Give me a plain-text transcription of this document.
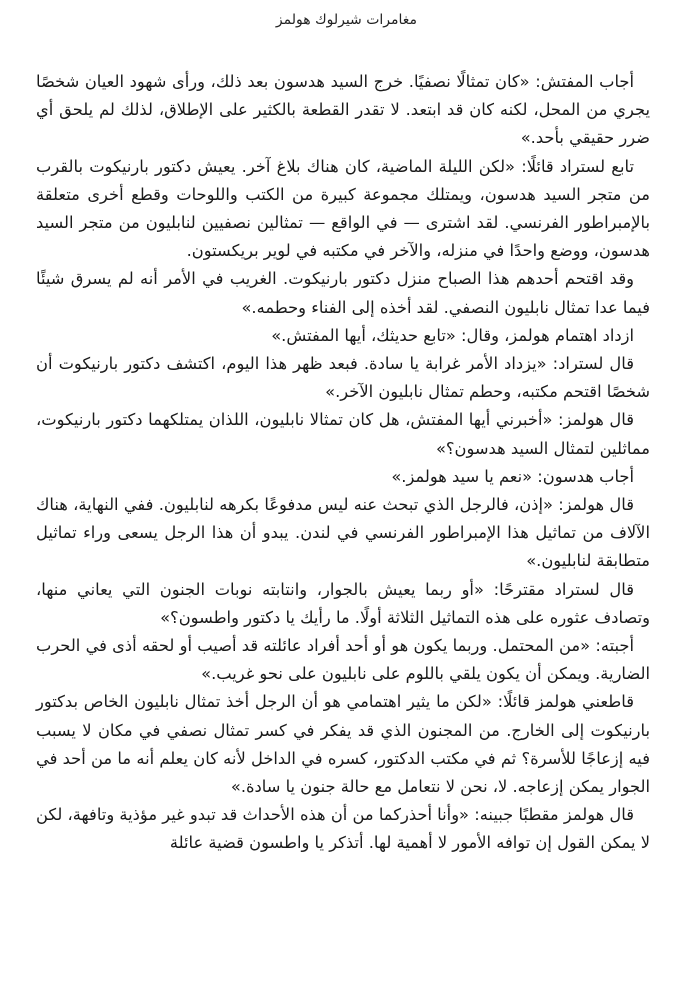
مغامرات شيرلوك هولمز

أجاب المفتش: «كان تمثالًا نصفيًا. خرج السيد هدسون بعد ذلك، ورأى شهود العيان شخصًا يجري من المحل، لكنه كان قد ابتعد. لا تقدر القطعة بالكثير على الإطلاق، لذلك لم يلحق أي ضرر حقيقي بأحد.»

تابع لستراد قائلًا: «لكن الليلة الماضية، كان هناك بلاغ آخر. يعيش دكتور بارنيكوت بالقرب من متجر السيد هدسون، ويمتلك مجموعة كبيرة من الكتب واللوحات وقطع أخرى متعلقة بالإمبراطور الفرنسي. لقد اشترى — في الواقع — تمثالين نصفيين لنابليون من متجر السيد هدسون، ووضع واحدًا في منزله، والآخر في مكتبه في لوير بريكستون.

وقد اقتحم أحدهم هذا الصباح منزل دكتور بارنيكوت. الغريب في الأمر أنه لم يسرق شيئًا فيما عدا تمثال نابليون النصفي. لقد أخذه إلى الفناء وحطمه.»

ازداد اهتمام هولمز، وقال: «تابع حديثك، أيها المفتش.»

قال لستراد: «يزداد الأمر غرابة يا سادة. فبعد ظهر هذا اليوم، اكتشف دكتور بارنيكوت أن شخصًا اقتحم مكتبه، وحطم تمثال نابليون الآخر.»

قال هولمز: «أخبرني أيها المفتش، هل كان تمثالا نابليون، اللذان يمتلكهما دكتور بارنيكوت، مماثلين لتمثال السيد هدسون؟»

أجاب هدسون: «نعم يا سيد هولمز.»

قال هولمز: «إذن، فالرجل الذي تبحث عنه ليس مدفوعًا بكرهه لنابليون. ففي النهاية، هناك الآلاف من تماثيل هذا الإمبراطور الفرنسي في لندن. يبدو أن هذا الرجل يسعى وراء تماثيل متطابقة لنابليون.»

قال لستراد مقترحًا: «أو ربما يعيش بالجوار، وانتابته نوبات الجنون التي يعاني منها، وتصادف عثوره على هذه التماثيل الثلاثة أولًا. ما رأيك يا دكتور واطسون؟»

أجبته: «من المحتمل. وربما يكون هو أو أحد أفراد عائلته قد أصيب أو لحقه أذى في الحرب الضارية. ويمكن أن يكون يلقي باللوم على نابليون على نحو غريب.»

قاطعني هولمز قائلًا: «لكن ما يثير اهتمامي هو أن الرجل أخذ تمثال نابليون الخاص بدكتور بارنيكوت إلى الخارج. من المجنون الذي قد يفكر في كسر تمثال نصفي في مكان لا يسبب فيه إزعاجًا للأسرة؟ ثم في مكتب الدكتور، كسره في الداخل لأنه كان يعلم أنه ما من أحد في الجوار يمكن إزعاجه. لا، نحن لا نتعامل مع حالة جنون يا سادة.»

قال هولمز مقطبًا جبينه: «وأنا أحذركما من أن هذه الأحداث قد تبدو غير مؤذية وتافهة، لكن لا يمكن القول إن توافه الأمور لا أهمية لها. أتذكر يا واطسون قضية عائلة
